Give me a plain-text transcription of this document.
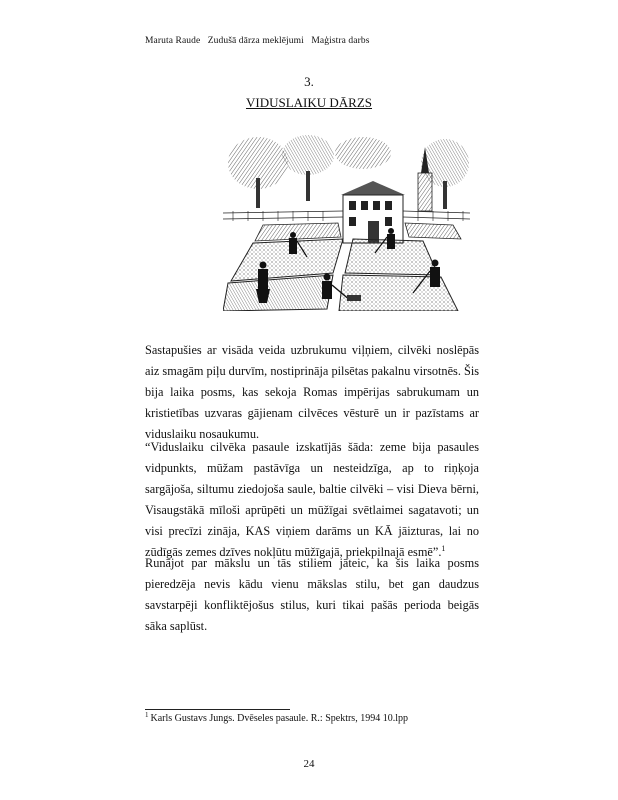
Maruta Raude Zudušā dārza meklējumi Maģistra darbs
3.
VIDUSLAIKU DĀRZS

Sastapušies ar visāda veida uzbrukumu viļņiem, cilvēki noslēpās aiz smagām piļu durvīm, nostiprināja pilsētas pakalnu virsotnēs. Šis bija laika posms, kas sekoja Romas impērijas sabrukumam un kristietības uzvaras gājienam cilvēces vēsturē un ir pazīstams ar viduslaiku nosaukumu.

“Viduslaiku cilvēka pasaule izskatījās šāda: zeme bija pasaules vidpunkts, mūžam pastāvīga un nesteidzīga, ap to riņķoja sargājoša, siltumu ziedojoša saule, baltie cilvēki – visi Dieva bērni, Visaugstākā mīloši aprūpēti un mūžīgai svētlaimei sagatavoti; un visi precīzi zināja, KAS viņiem darāms un KĀ jāizturas, lai no zūdīgās zemes dzīves nokļūtu mūžīgajā, priekpilnajā esmē”.$^1$

Runājot par mākslu un tās stiliem jāteic, ka šis laika posms pieredzēja nevis kādu vienu mākslas stilu, bet gan daudzus savstarpēji konfliktējošus stilus, kuri tikai pašās perioda beigās sāka saplūst.

$^1$ Karls Gustavs Jungs. Dvēseles pasaule. R.: Spektrs, 1994 10.lpp
24
